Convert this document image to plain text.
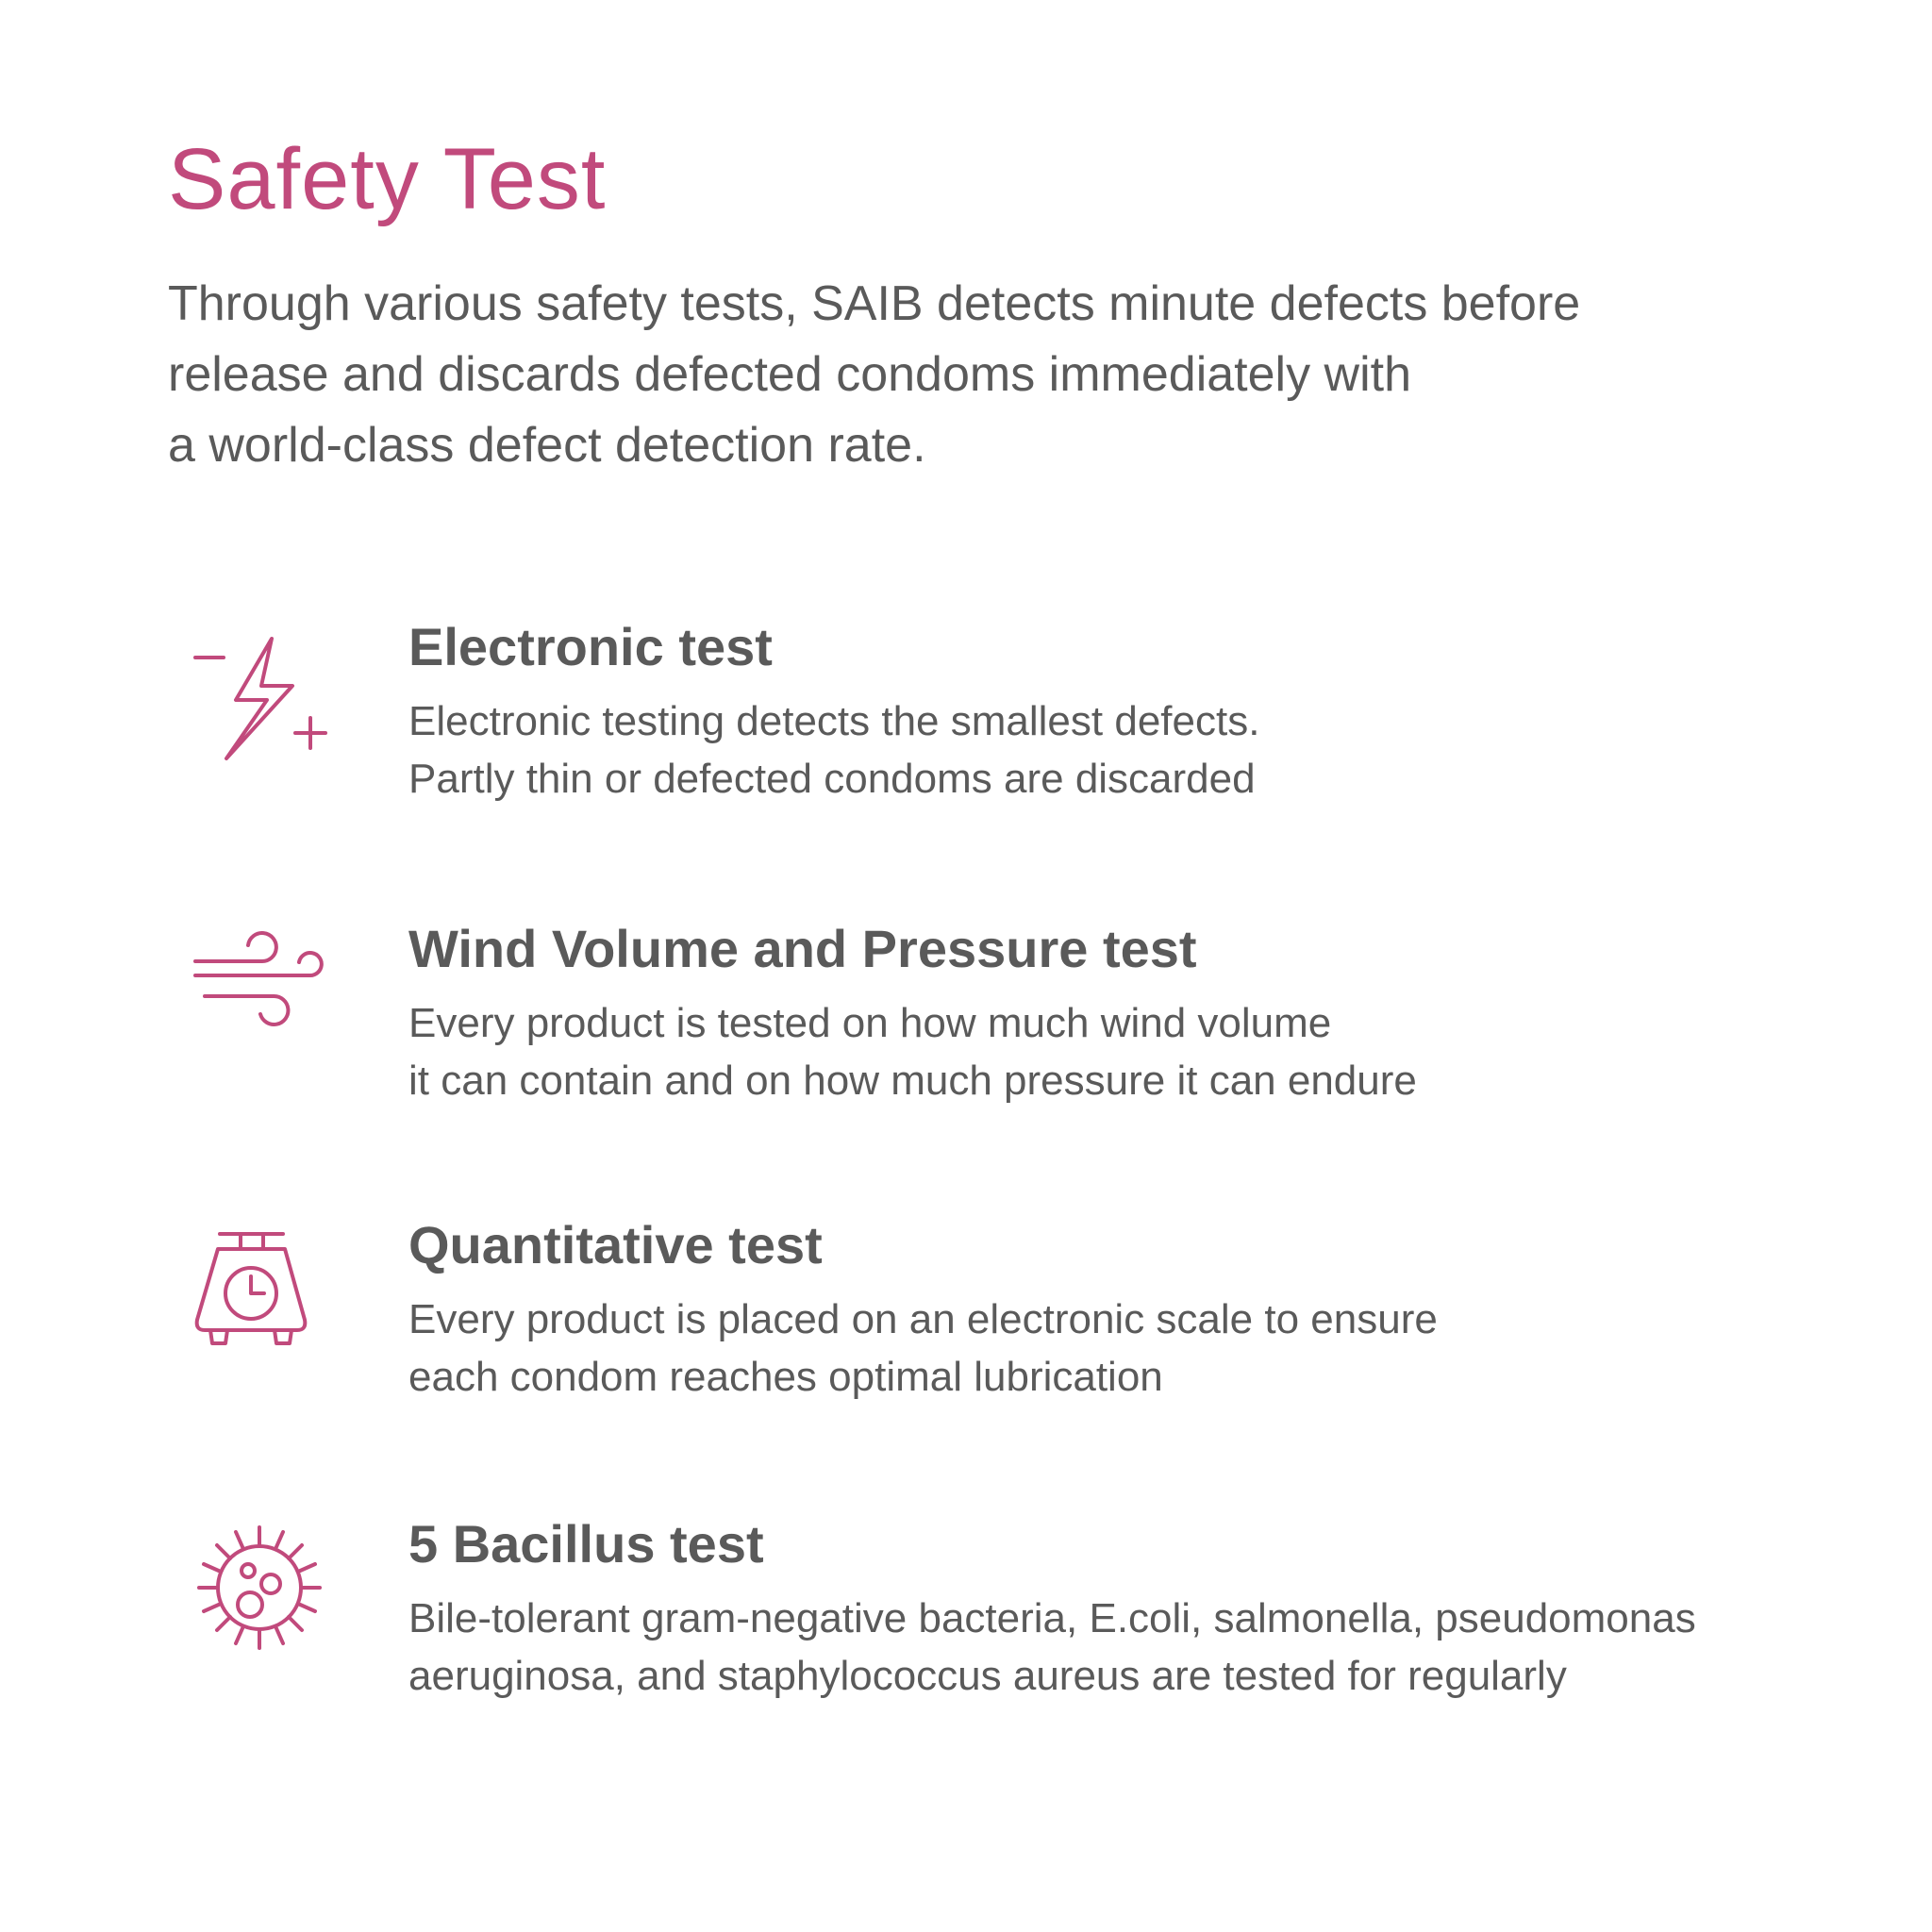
Safety Test

Through various safety tests, SAIB detects minute defects before
release and discards defected condoms immediately with
a world-class defect detection rate.

Electronic test

Electronic testing detects the smallest defects.
Partly thin or defected condoms are discarded

Wind Volume and Pressure test

Every product is tested on how much wind volume
it can contain and on how much pressure it can endure

Quantitative test

Every product is placed on an electronic scale to ensure
each condom reaches optimal lubrication

5 Bacillus test

Bile-tolerant gram-negative bacteria, E.coli, salmonella, pseudomonas
aeruginosa, and staphylococcus aureus are tested for regularly
